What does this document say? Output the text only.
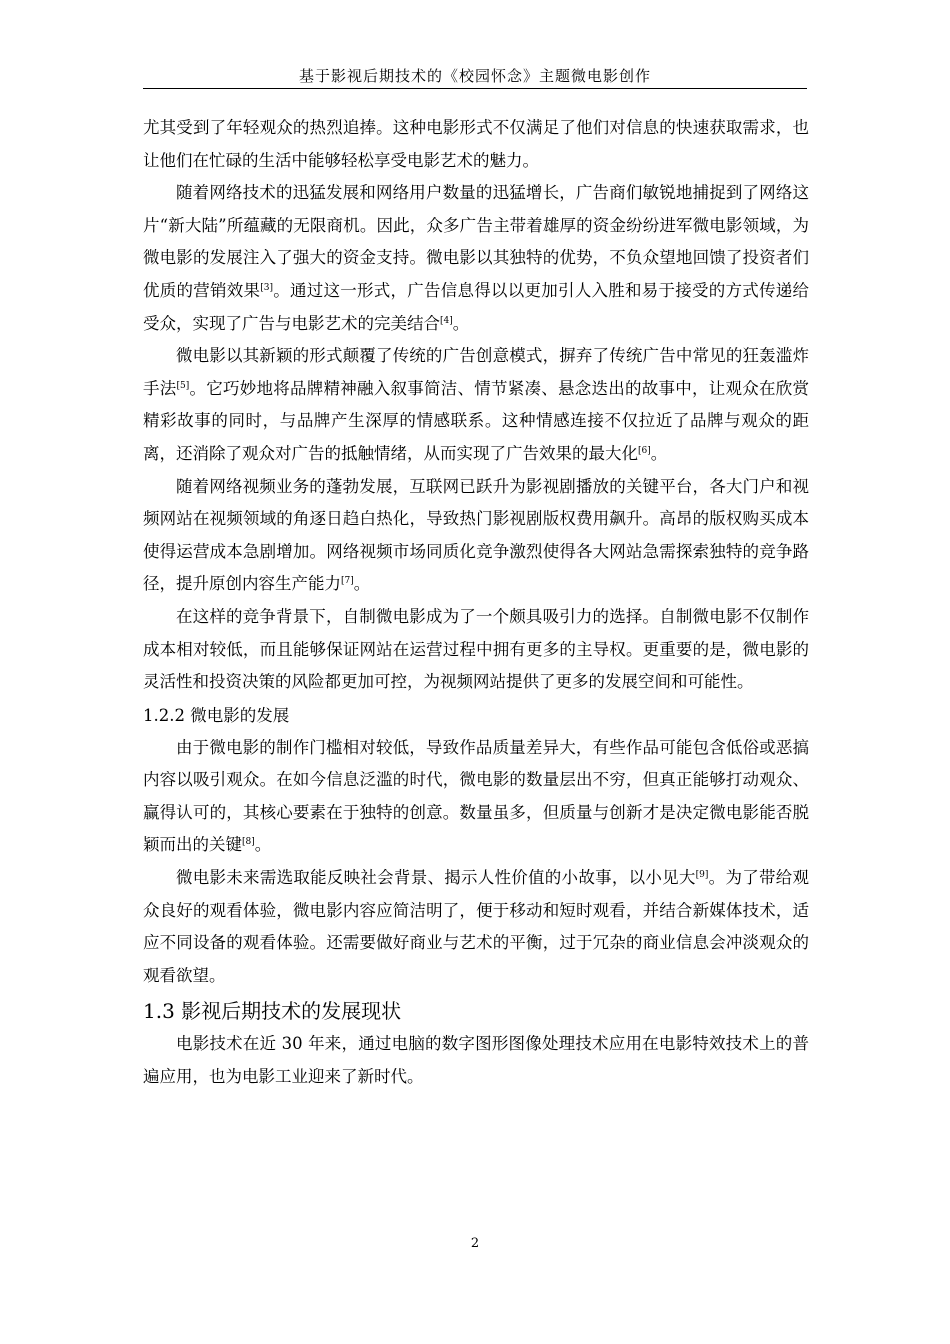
基于影视后期技术的《校园怀念》主题微电影创作

尤其受到了年轻观众的热烈追捧。这种电影形式不仅满足了他们对信息的快速获取需求，也让他们在忙碌的生活中能够轻松享受电影艺术的魅力。

随着网络技术的迅猛发展和网络用户数量的迅猛增长，广告商们敏锐地捕捉到了网络这片“新大陆”所蕴藏的无限商机。因此，众多广告主带着雄厚的资金纷纷进军微电影领域，为微电影的发展注入了强大的资金支持。微电影以其独特的优势，不负众望地回馈了投资者们优质的营销效果[3]。通过这一形式，广告信息得以以更加引人入胜和易于接受的方式传递给受众，实现了广告与电影艺术的完美结合[4]。

微电影以其新颖的形式颠覆了传统的广告创意模式，摒弃了传统广告中常见的狂轰滥炸手法[5]。它巧妙地将品牌精神融入叙事简洁、情节紧凑、悬念迭出的故事中，让观众在欣赏精彩故事的同时，与品牌产生深厚的情感联系。这种情感连接不仅拉近了品牌与观众的距离，还消除了观众对广告的抵触情绪，从而实现了广告效果的最大化[6]。

随着网络视频业务的蓬勃发展，互联网已跃升为影视剧播放的关键平台，各大门户和视频网站在视频领域的角逐日趋白热化，导致热门影视剧版权费用飙升。高昂的版权购买成本使得运营成本急剧增加。网络视频市场同质化竞争激烈使得各大网站急需探索独特的竞争路径，提升原创内容生产能力[7]。

在这样的竞争背景下，自制微电影成为了一个颇具吸引力的选择。自制微电影不仅制作成本相对较低，而且能够保证网站在运营过程中拥有更多的主导权。更重要的是，微电影的灵活性和投资决策的风险都更加可控，为视频网站提供了更多的发展空间和可能性。

1.2.2 微电影的发展

由于微电影的制作门槛相对较低，导致作品质量差异大，有些作品可能包含低俗或恶搞内容以吸引观众。在如今信息泛滥的时代，微电影的数量层出不穷，但真正能够打动观众、赢得认可的，其核心要素在于独特的创意。数量虽多，但质量与创新才是决定微电影能否脱颖而出的关键[8]。

微电影未来需选取能反映社会背景、揭示人性价值的小故事，以小见大[9]。为了带给观众良好的观看体验，微电影内容应简洁明了，便于移动和短时观看，并结合新媒体技术，适应不同设备的观看体验。还需要做好商业与艺术的平衡，过于冗杂的商业信息会冲淡观众的观看欲望。

1.3 影视后期技术的发展现状

电影技术在近 30 年来，通过电脑的数字图形图像处理技术应用在电影特效技术上的普遍应用，也为电影工业迎来了新时代。

2
